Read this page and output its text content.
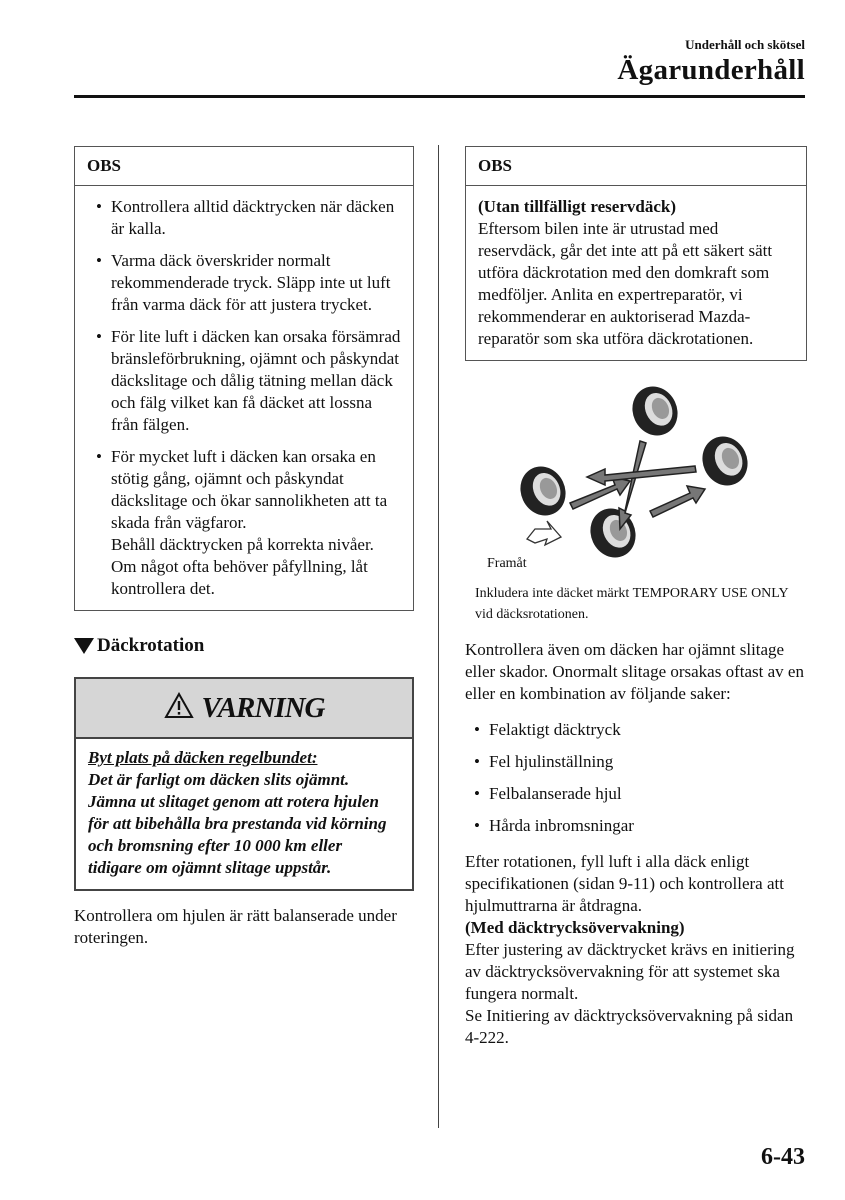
Underhåll och skötsel
Ägarunderhåll
OBS
• Kontrollera alltid däcktrycken när däcken är kalla.
• Varma däck överskrider normalt rekommenderade tryck. Släpp inte ut luft från varma däck för att justera trycket.
• För lite luft i däcken kan orsaka försämrad bränsleförbrukning, ojämnt och påskyndat däckslitage och dålig tätning mellan däck och fälg vilket kan få däcket att lossna från fälgen.
• För mycket luft i däcken kan orsaka en stötig gång, ojämnt och påskyndat däckslitage och ökar sannolikheten att ta skada från vägfaror.
Behåll däcktrycken på korrekta nivåer. Om något ofta behöver påfyllning, låt kontrollera det.
Däckrotation
VARNING
Byt plats på däcken regelbundet:
Det är farligt om däcken slits ojämnt. Jämna ut slitaget genom att rotera hjulen för att bibehålla bra prestanda vid körning och bromsning efter 10 000 km eller tidigare om ojämnt slitage uppstår.
Kontrollera om hjulen är rätt balanserade under roteringen.
OBS

(Utan tillfälligt reservdäck)

Eftersom bilen inte är utrustad med reservdäck, går det inte att på ett säkert sätt utföra däckrotation med den domkraft som medföljer. Anlita en expertreparatör, vi rekommenderar en auktoriserad Mazda-reparatör som ska utföra däckrotationen.

Framåt
Inkludera inte däcket märkt TEMPORARY USE ONLY vid däcksrotationen.
Kontrollera även om däcken har ojämnt slitage eller skador. Onormalt slitage orsakas oftast av en eller en kombination av följande saker:
• Felaktigt däcktryck
• Fel hjulinställning
• Felbalanserade hjul
• Hårda inbromsningar
Efter rotationen, fyll luft i alla däck enligt specifikationen (sidan 9-11) och kontrollera att hjulmuttrarna är åtdragna.
(Med däcktrycksövervakning)
Efter justering av däcktrycket krävs en initiering av däcktrycksövervakning för att systemet ska fungera normalt.
Se Initiering av däcktrycksövervakning på sidan 4-222.
6-43
